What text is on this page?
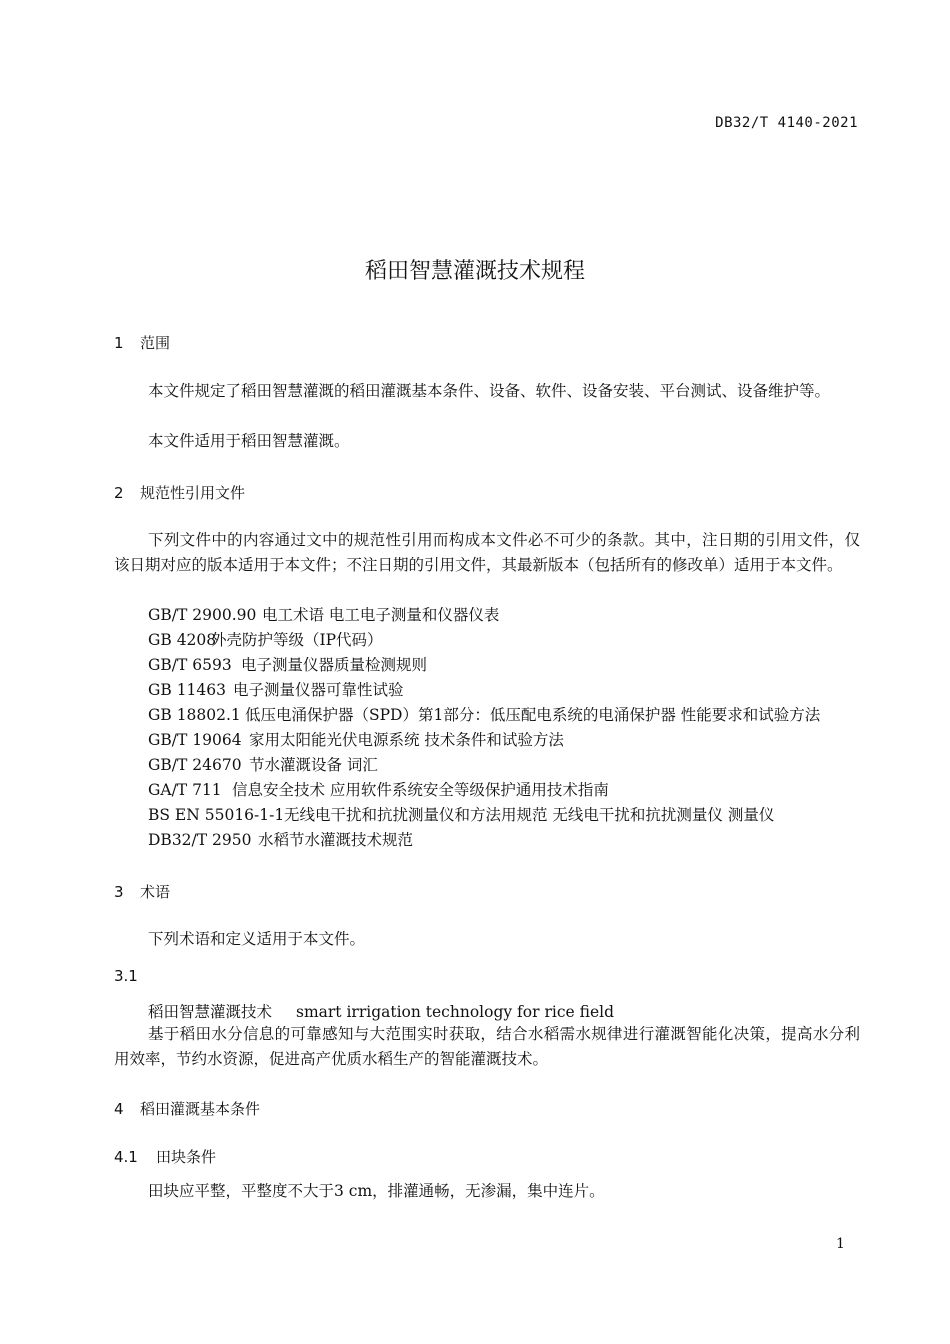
DB32/T 4140-2021
稻田智慧灌溉技术规程
1 范围
本文件规定了稻田智慧灌溉的稻田灌溉基本条件、设备、软件、设备安装、平台测试、设备维护等。
本文件适用于稻田智慧灌溉。
2 规范性引用文件
下列文件中的内容通过文中的规范性引用而构成本文件必不可少的条款。其中，注日期的引用文件，仅该日期对应的版本适用于本文件；不注日期的引用文件，其最新版本（包括所有的修改单）适用于本文件。
GB/T 2900.90 电工术语 电工电子测量和仪器仪表
GB 4208外壳防护等级（IP代码）
GB/T 6593 电子测量仪器质量检测规则
GB 11463 电子测量仪器可靠性试验
GB 18802.1 低压电涌保护器（SPD）第1部分：低压配电系统的电涌保护器 性能要求和试验方法
GB/T 19064 家用太阳能光伏电源系统 技术条件和试验方法
GB/T 24670 节水灌溉设备 词汇
GA/T 711 信息安全技术 应用软件系统安全等级保护通用技术指南
BS EN 55016-1-1无线电干扰和抗扰测量仪和方法用规范 无线电干扰和抗扰测量仪 测量仪
DB32/T 2950 水稻节水灌溉技术规范
3 术语
下列术语和定义适用于本文件。
3.1
稻田智慧灌溉技术 smart irrigation technology for rice field
基于稻田水分信息的可靠感知与大范围实时获取，结合水稻需水规律进行灌溉智能化决策，提高水分利用效率，节约水资源，促进高产优质水稻生产的智能灌溉技术。
4 稻田灌溉基本条件
4.1 田块条件
田块应平整，平整度不大于3 cm，排灌通畅，无渗漏，集中连片。
1
